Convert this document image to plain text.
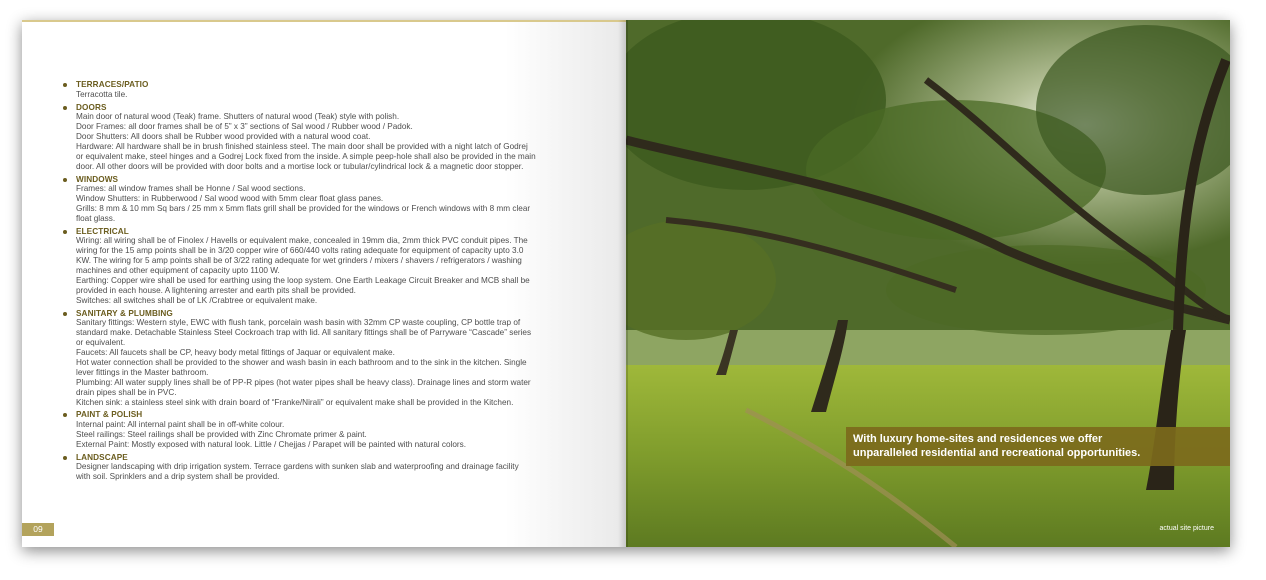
TERRACES/PATIO
Terracotta tile.
DOORS
Main door of natural wood (Teak) frame. Shutters of natural wood (Teak) style with polish.
Door Frames: all door frames shall be of 5” x 3” sections of Sal wood / Rubber wood / Padok.
Door Shutters: All doors shall be Rubber wood provided with a natural wood coat.
Hardware: All hardware shall be in brush finished stainless steel. The main door shall be provided with a night latch of Godrej
or equivalent make, steel hinges and a Godrej Lock fixed from the inside. A simple peep-hole shall also be provided in the main
door. All other doors will be provided with door bolts and a mortise lock or tubular/cylindrical lock & a magnetic door stopper.
WINDOWS
Frames: all window frames shall be Honne / Sal wood sections.
Window Shutters: in Rubberwood / Sal wood wood with 5mm clear float glass panes.
Grills: 8 mm & 10 mm Sq bars / 25 mm x 5mm flats grill shall be provided for the windows or French windows with 8 mm clear
float glass.
ELECTRICAL
Wiring: all wiring shall be of Finolex / Havells or equivalent make, concealed in 19mm dia, 2mm thick PVC conduit pipes. The
wiring for the 15 amp points shall be in 3/20 copper wire of 660/440 volts rating adequate for equipment of capacity upto 3.0
KW. The wiring for 5 amp points shall be of 3/22 rating adequate for wet grinders / mixers / shavers / refrigerators / washing
machines and other equipment of capacity upto 1100 W.
Earthing: Copper wire shall be used for earthing using the loop system. One Earth Leakage Circuit Breaker and MCB shall be
provided in each house. A lightening arrester and earth pits shall be provided.
Switches: all switches shall be of LK /Crabtree or equivalent make.
SANITARY & PLUMBING
Sanitary fittings: Western style, EWC with flush tank, porcelain wash basin with 32mm CP waste coupling, CP bottle trap of
standard make. Detachable Stainless Steel Cockroach trap with lid. All sanitary fittings shall be of Parryware “Cascade” series
or equivalent.
Faucets: All faucets shall be CP, heavy body metal fittings of Jaquar or equivalent make.
Hot water connection shall be provided to the shower and wash basin in each bathroom and to the sink in the kitchen. Single
lever fittings in the Master bathroom.
Plumbing: All water supply lines shall be of PP-R pipes (hot water pipes shall be heavy class). Drainage lines and storm water
drain pipes shall be in PVC.
Kitchen sink: a stainless steel sink with drain board of “Franke/Nirali” or equivalent make shall be provided in the Kitchen.
PAINT & POLISH
Internal paint: All internal paint shall be in off-white colour.
Steel railings: Steel railings shall be provided with Zinc Chromate primer & paint.
External Paint: Mostly exposed with natural look. Little / Chejjas / Parapet will be painted with natural colors.
LANDSCAPE
Designer landscaping with drip irrigation system. Terrace gardens with sunken slab and waterproofing and drainage facility
with soil. Sprinklers and a drip system shall be provided.
09
With luxury home-sites and residences we offer
unparalleled residential and recreational opportunities.
actual site picture
